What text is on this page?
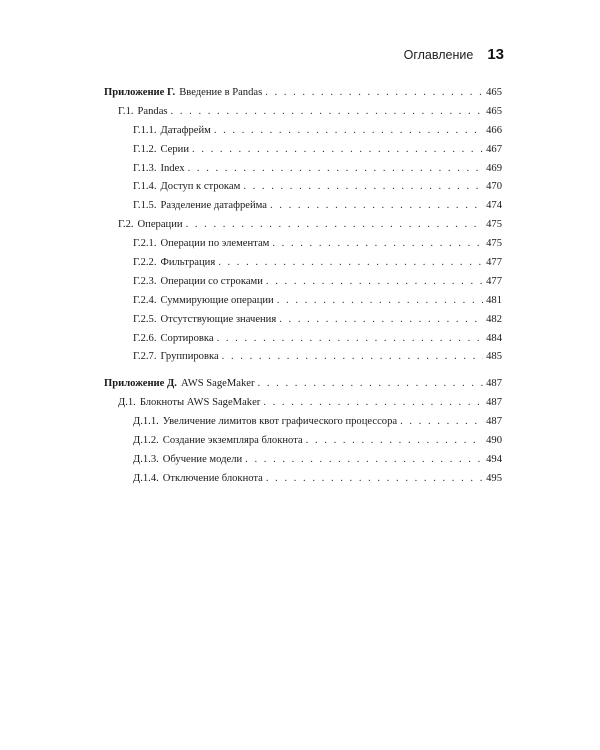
Оглавление 13
Приложение Г. Введение в Pandas . . .	465
Г.1. Pandas . . .	465
Г.1.1. Датафрейм . . .	466
Г.1.2. Серии . . .	467
Г.1.3. Index . . .	469
Г.1.4. Доступ к строкам . . .	470
Г.1.5. Разделение датафрейма . . .	474
Г.2. Операции . . .	475
Г.2.1. Операции по элементам . . .	475
Г.2.2. Фильтрация . . .	477
Г.2.3. Операции со строками . . .	477
Г.2.4. Суммирующие операции . . .	481
Г.2.5. Отсутствующие значения . . .	482
Г.2.6. Сортировка . . .	484
Г.2.7. Группировка . . .	485
Приложение Д. AWS SageMaker . . .	487
Д.1. Блокноты AWS SageMaker . . .	487
Д.1.1. Увеличение лимитов квот графического процессора . . .	487
Д.1.2. Создание экземпляра блокнота . . .	490
Д.1.3. Обучение модели . . .	494
Д.1.4. Отключение блокнота . . .	495
